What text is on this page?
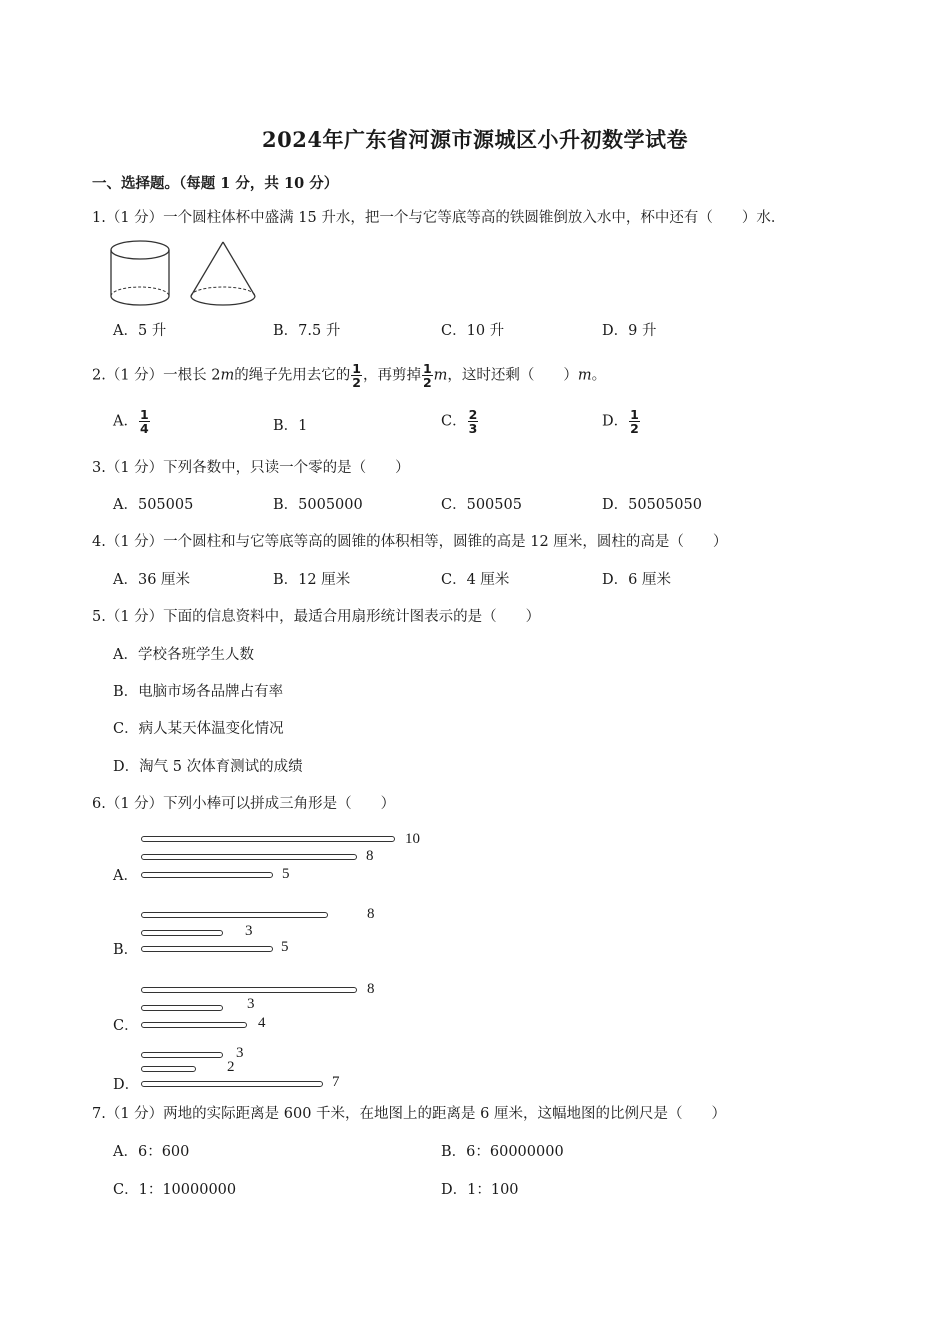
2024年广东省河源市源城区小升初数学试卷
一、选择题。（每题 1 分，共 10 分）
1.（1 分）一个圆柱体杯中盛满 15 升水，把一个与它等底等高的铁圆锥倒放入水中，杯中还有（　　）水．
A．5 升	B．7.5 升	C．10 升	D．9 升
2.（1 分）一根长 2m的绳子先用去它的 $\frac{1}{2}$ ，再剪掉 $\frac{1}{2}$ m，这时还剩（　　）m。
A． $\frac{1}{4}$	B．1	C． $\frac{2}{3}$	D． $\frac{1}{2}$
3.（1 分）下列各数中，只读一个零的是（　　）
A．505005	B．5005000	C．500505	D．50505050
4.（1 分）一个圆柱和与它等底等高的圆锥的体积相等，圆锥的高是 12 厘米，圆柱的高是（　　）
A．36 厘米	B．12 厘米	C．4 厘米	D．6 厘米
5.（1 分）下面的信息资料中，最适合用扇形统计图表示的是（　　）
A．学校各班学生人数
B．电脑市场各品牌占有率
C．病人某天体温变化情况
D．淘气 5 次体育测试的成绩
6.（1 分）下列小棒可以拼成三角形是（　　）
A．
10
8
5
B．
8
3
5
C．
8
3
4
D．
3
2
7
7.（1 分）两地的实际距离是 600 千米，在地图上的距离是 6 厘米，这幅地图的比例尺是（　　）
A．6：600	B．6：60000000
C．1：10000000	D．1：100
